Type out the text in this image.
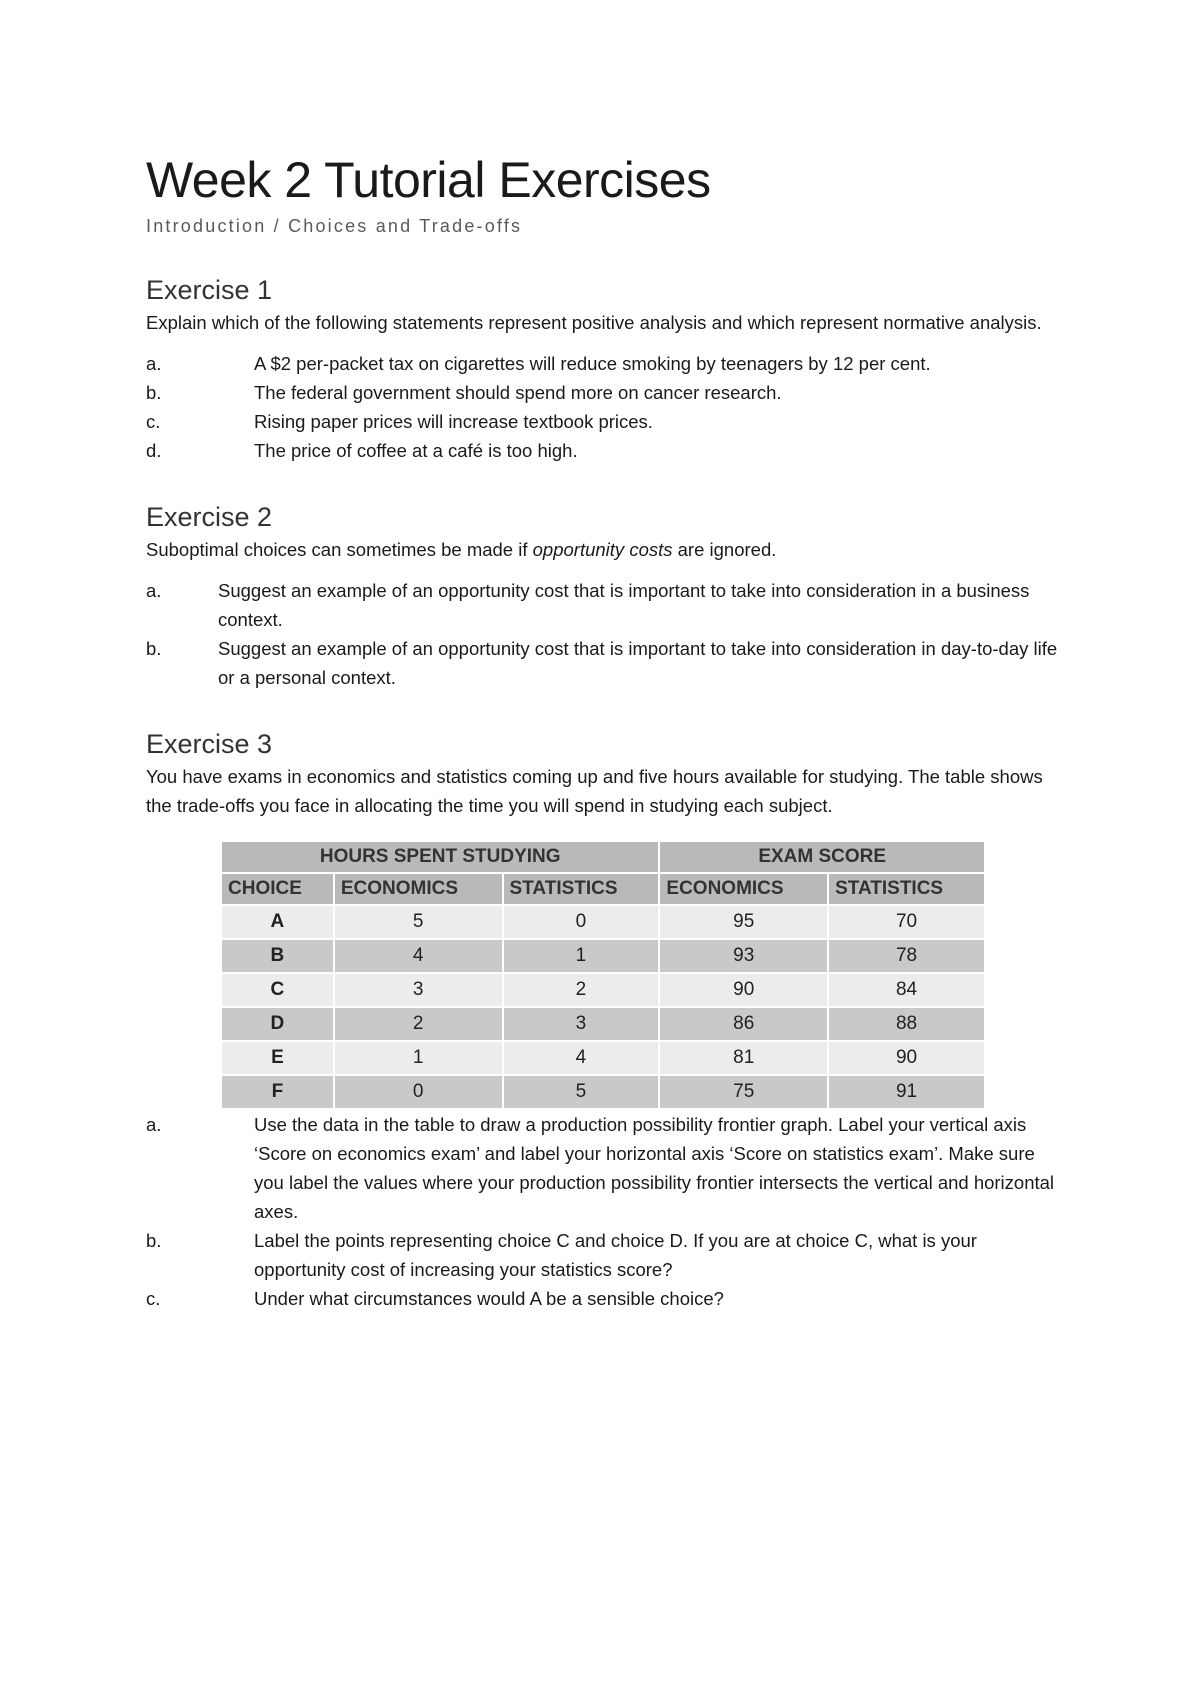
Week 2 Tutorial Exercises

Introduction / Choices and Trade-offs

Exercise 1

Explain which of the following statements represent positive analysis and which represent normative analysis.

a.	A $2 per-packet tax on cigarettes will reduce smoking by teenagers by 12 per cent.
b.	The federal government should spend more on cancer research.
c.	Rising paper prices will increase textbook prices.
d.	The price of coffee at a café is too high.
Exercise 2

Suboptimal choices can sometimes be made if opportunity costs are ignored.

a.	Suggest an example of an opportunity cost that is important to take into consideration in a business context.
b.	Suggest an example of an opportunity cost that is important to take into consideration in day-to-day life or a personal context.
Exercise 3

You have exams in economics and statistics coming up and five hours available for studying. The table shows the trade-offs you face in allocating the time you will spend in studying each subject.

HOURS SPENT STUDYING			EXAM SCORE	
CHOICE	ECONOMICS	STATISTICS	ECONOMICS	STATISTICS
A	5	0	95	70
B	4	1	93	78
C	3	2	90	84
D	2	3	86	88
E	1	4	81	90
F	0	5	75	91
a.	Use the data in the table to draw a production possibility frontier graph. Label your vertical axis ‘Score on economics exam’ and label your horizontal axis ‘Score on statistics exam’. Make sure you label the values where your production possibility frontier intersects the vertical and horizontal axes.
b.	Label the points representing choice C and choice D. If you are at choice C, what is your opportunity cost of increasing your statistics score?
c.	Under what circumstances would A be a sensible choice?
